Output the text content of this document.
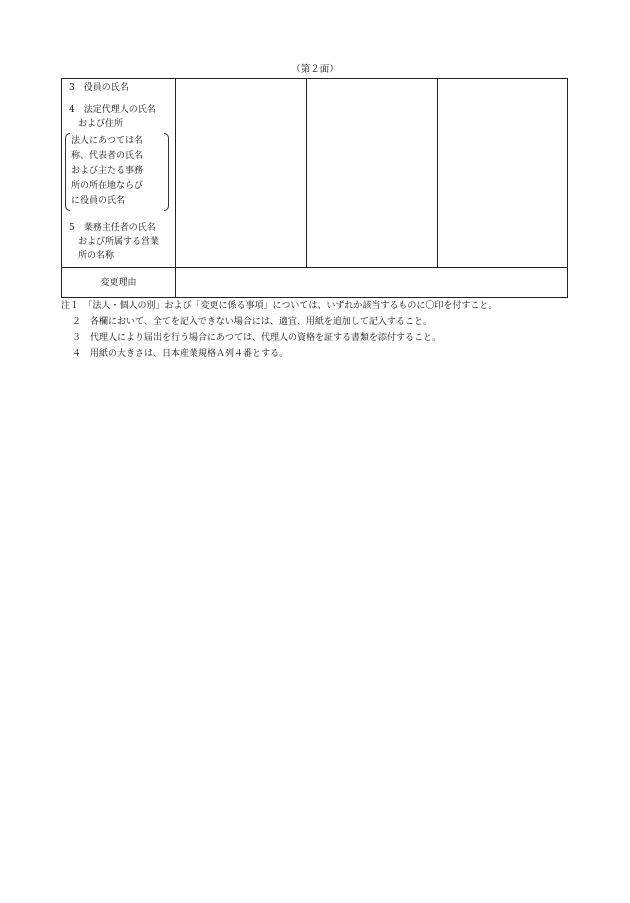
（第２面）
3　役員の氏名
4　法定代理人の氏名
および住所
法人にあつては名
称、代表者の氏名
および主たる事務
所の所在地ならび
に役員の氏名
5　業務主任者の氏名
および所属する営業
所の名称
変更理由
注１　「法人・個人の別」および「変更に係る事項」については、いずれか該当するものに〇印を付すこと。
２　各欄において、全てを記入できない場合には、適宜、用紙を追加して記入すること。
３　代理人により届出を行う場合にあつては、代理人の資格を証する書類を添付すること。
４　用紙の大きさは、日本産業規格Ａ列４番とする。
